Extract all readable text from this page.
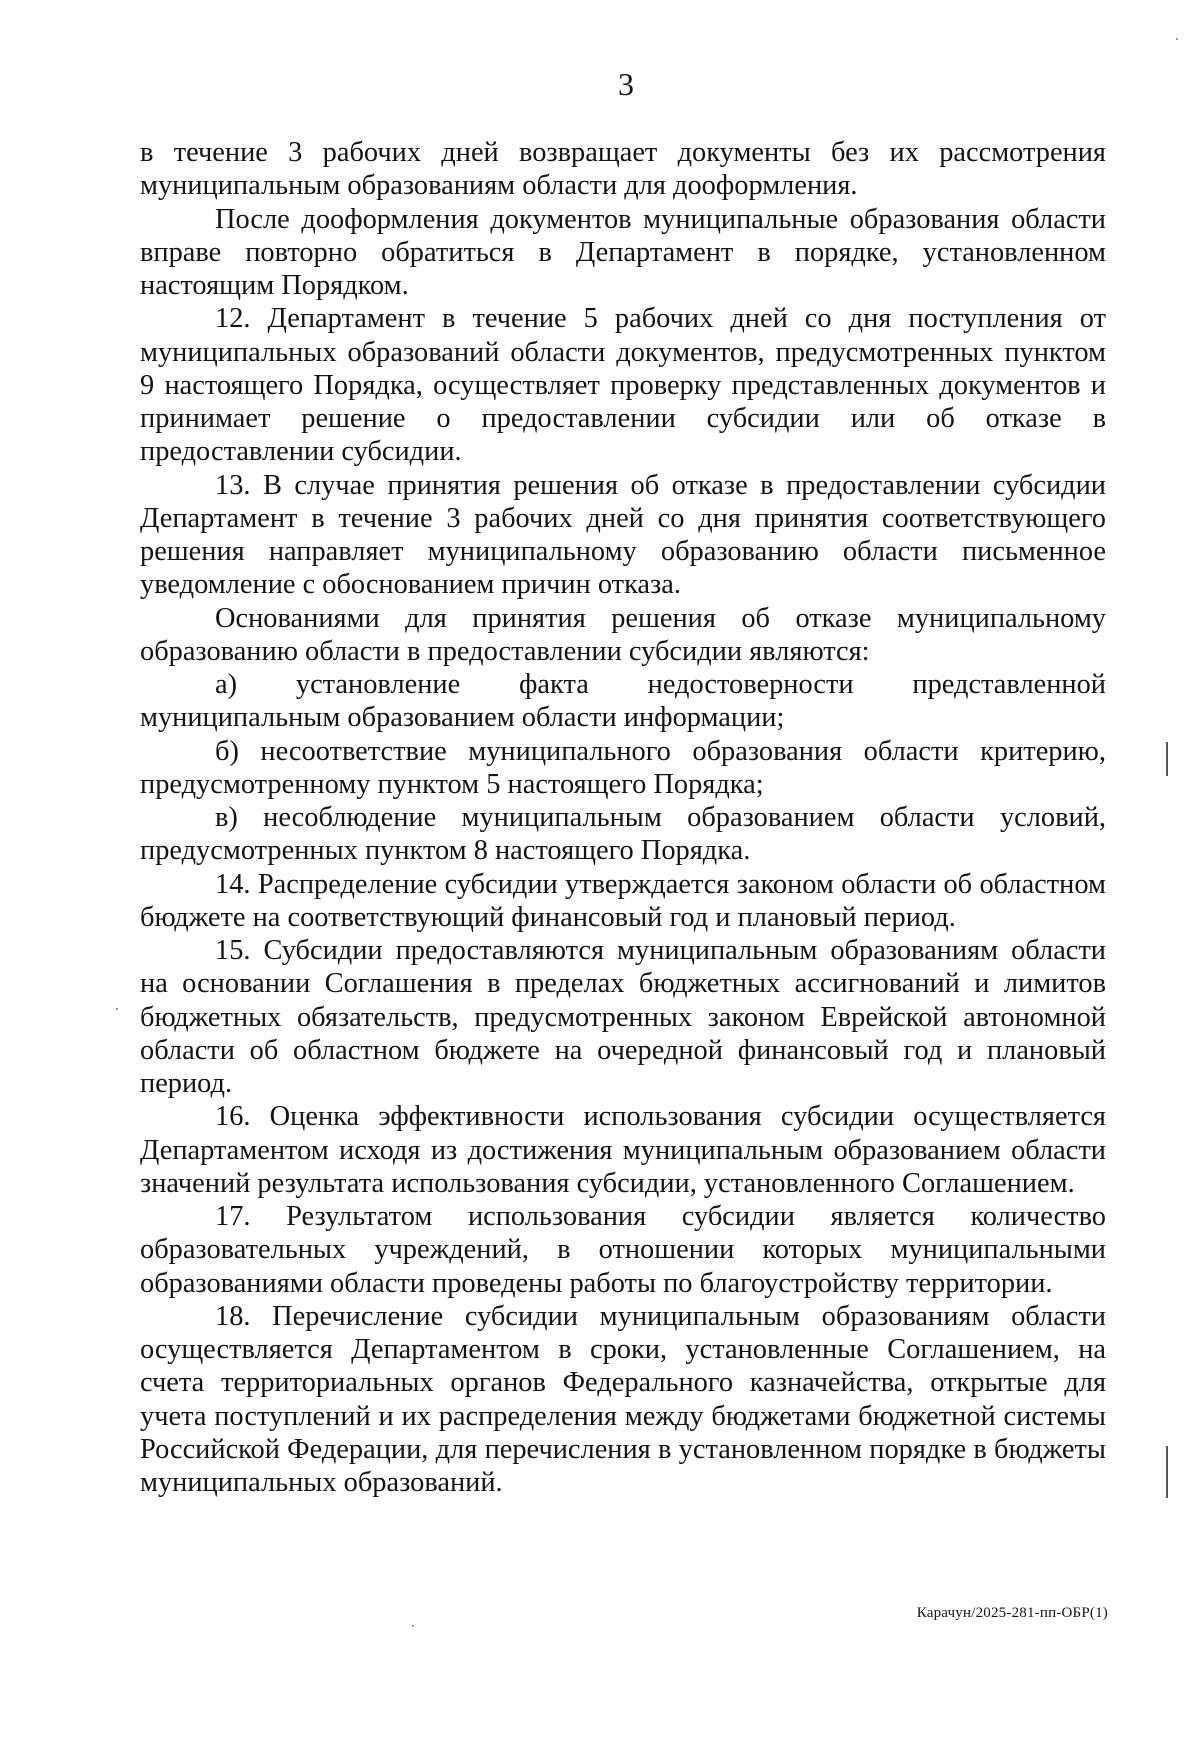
3

в течение 3 рабочих дней возвращает документы без их рассмотрения муниципальным образованиям области для дооформления.

После дооформления документов муниципальные образования области вправе повторно обратиться в Департамент в порядке, установленном настоящим Порядком.

12. Департамент в течение 5 рабочих дней со дня поступления от муниципальных образований области документов, предусмотренных пунктом 9 настоящего Порядка, осуществляет проверку представленных документов и принимает решение о предоставлении субсидии или об отказе в предоставлении субсидии.

13. В случае принятия решения об отказе в предоставлении субсидии Департамент в течение 3 рабочих дней со дня принятия соответствующего решения направляет муниципальному образованию области письменное уведомление с обоснованием причин отказа.

Основаниями для принятия решения об отказе муниципальному образованию области в предоставлении субсидии являются:

а) установление факта недостоверности представленной муниципальным образованием области информации;

б) несоответствие муниципального образования области критерию, предусмотренному пунктом 5 настоящего Порядка;

в) несоблюдение муниципальным образованием области условий, предусмотренных пунктом 8 настоящего Порядка.

14. Распределение субсидии утверждается законом области об областном бюджете на соответствующий финансовый год и плановый период.

15. Субсидии предоставляются муниципальным образованиям области на основании Соглашения в пределах бюджетных ассигнований и лимитов бюджетных обязательств, предусмотренных законом Еврейской автономной области об областном бюджете на очередной финансовый год и плановый период.

16. Оценка эффективности использования субсидии осуществляется Департаментом исходя из достижения муниципальным образованием области значений результата использования субсидии, установленного Соглашением.

17. Результатом использования субсидии является количество образовательных учреждений, в отношении которых муниципальными образованиями области проведены работы по благоустройству территории.

18. Перечисление субсидии муниципальным образованиям области осуществляется Департаментом в сроки, установленные Соглашением, на счета территориальных органов Федерального казначейства, открытые для учета поступлений и их распределения между бюджетами бюджетной системы Российской Федерации, для перечисления в установленном порядке в бюджеты муниципальных образований.

Карачун/2025-281-пп-ОБР(1)
